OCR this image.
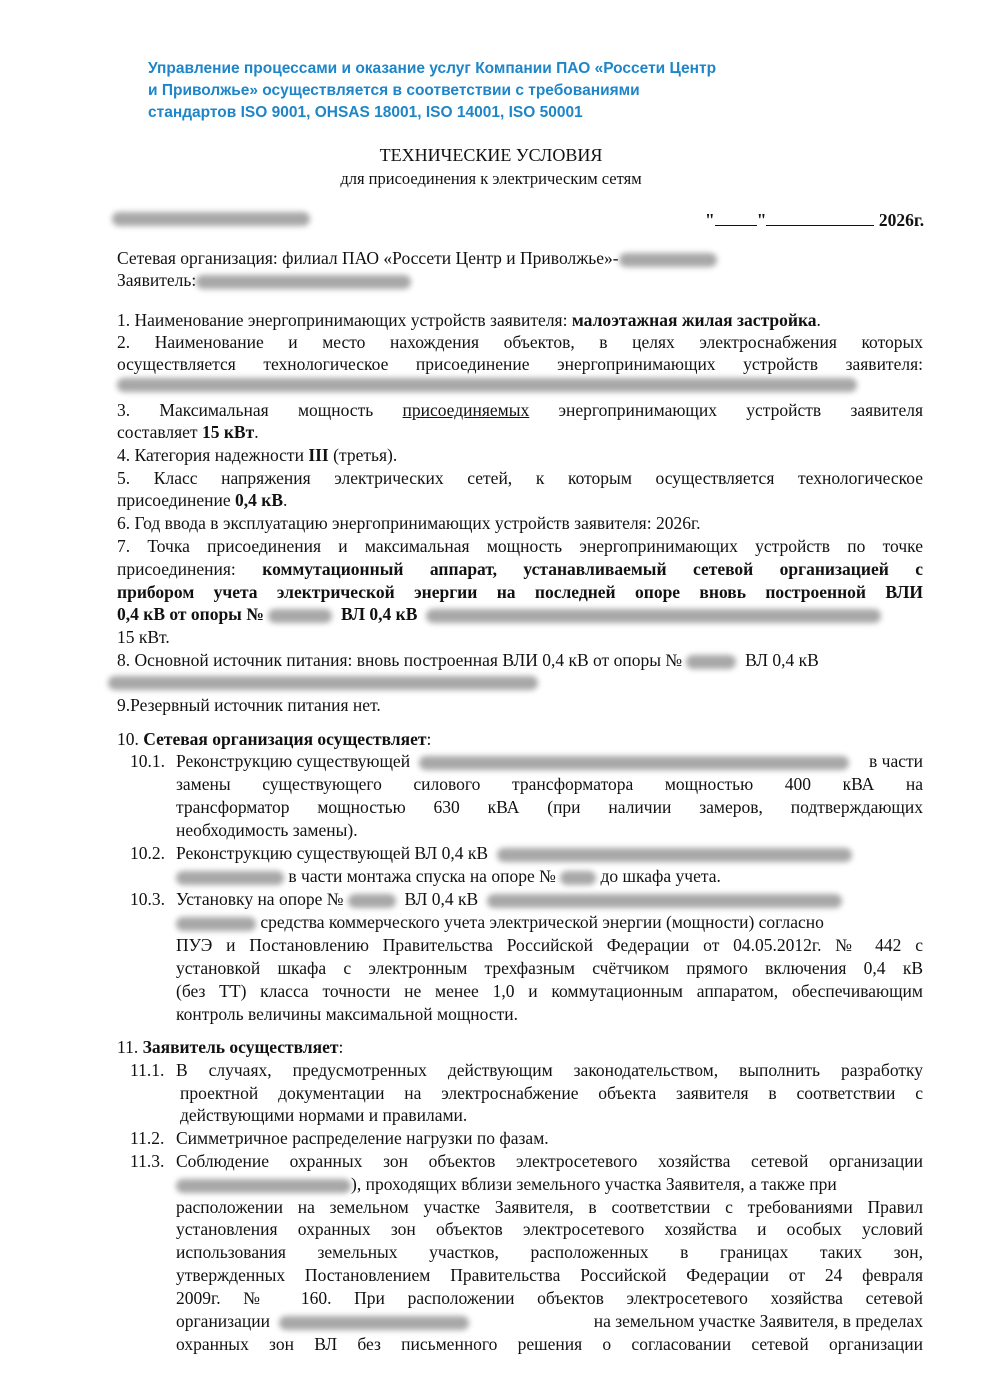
Управление процессами и оказание услуг Компании ПАО «Россети Центр
и Приволжье» осуществляется в соответствии с требованиями
стандартов ISO 9001, OHSAS 18001, ISO 14001, ISO 50001
ТЕХНИЧЕСКИЕ УСЛОВИЯ
для присоединения к электрическим сетям
" "	2026г.
Сетевая организация: филиал ПАО «Россети Центр и Приволжье»-
Заявитель:
1. Наименование энергопринимающих устройств заявителя: малоэтажная жилая застройка.
2. Наименование и место нахождения объектов, в целях электроснабжения которых
осуществляется технологическое присоединение энергопринимающих устройств заявителя:
3. Максимальная мощность присоединяемых энергопринимающих устройств заявителя
составляет 15 кВт.
4. Категория надежности III (третья).
5. Класс напряжения электрических сетей, к которым осуществляется технологическое
присоединение 0,4 кВ.
6. Год ввода в эксплуатацию энергопринимающих устройств заявителя: 2026г.
7. Точка присоединения и максимальная мощность энергопринимающих устройств по точке
присоединения: коммутационный аппарат, устанавливаемый сетевой организацией с
прибором учета электрической энергии на последней опоре вновь построенной ВЛИ
0,4 кВ от опоры №	ВЛ 0,4 кВ
15 кВт.
8. Основной источник питания: вновь построенная ВЛИ 0,4 кВ от опоры №	ВЛ 0,4 кВ
9.Резервный источник питания нет.
10. Сетевая организация осуществляет:
10.1. Реконструкцию существующей	в части
замены существующего силового трансформатора мощностью 400 кВА на
трансформатор мощностью 630 кВА (при наличии замеров, подтверждающих
необходимость замены).
10.2. Реконструкцию существующей ВЛ 0,4 кВ
в части монтажа спуска на опоре №	до шкафа учета.
10.3. Установку на опоре №	ВЛ 0,4 кВ
средства коммерческого учета электрической энергии (мощности) согласно
ПУЭ и Постановлению Правительства Российской Федерации от 04.05.2012г. № 442 с
установкой шкафа с электронным трехфазным счётчиком прямого включения 0,4 кВ
(без ТТ) класса точности не менее 1,0 и коммутационным аппаратом, обеспечивающим
контроль величины максимальной мощности.
11. Заявитель осуществляет:
11.1. В случаях, предусмотренных действующим законодательством, выполнить разработку
проектной документации на электроснабжение объекта заявителя в соответствии с
действующими нормами и правилами.
11.2. Симметричное распределение нагрузки по фазам.
11.3. Соблюдение охранных зон объектов электросетевого хозяйства сетевой организации
), проходящих вблизи земельного участка Заявителя, а также при
расположении на земельном участке Заявителя, в соответствии с требованиями Правил
установления охранных зон объектов электросетевого хозяйства и особых условий
использования земельных участков, расположенных в границах таких зон,
утвержденных Постановлением Правительства Российской Федерации от 24 февраля
2009г. № 160. При расположении объектов электросетевого хозяйства сетевой
организации	на земельном участке Заявителя, в пределах
охранных зон ВЛ без письменного решения о согласовании сетевой организации
